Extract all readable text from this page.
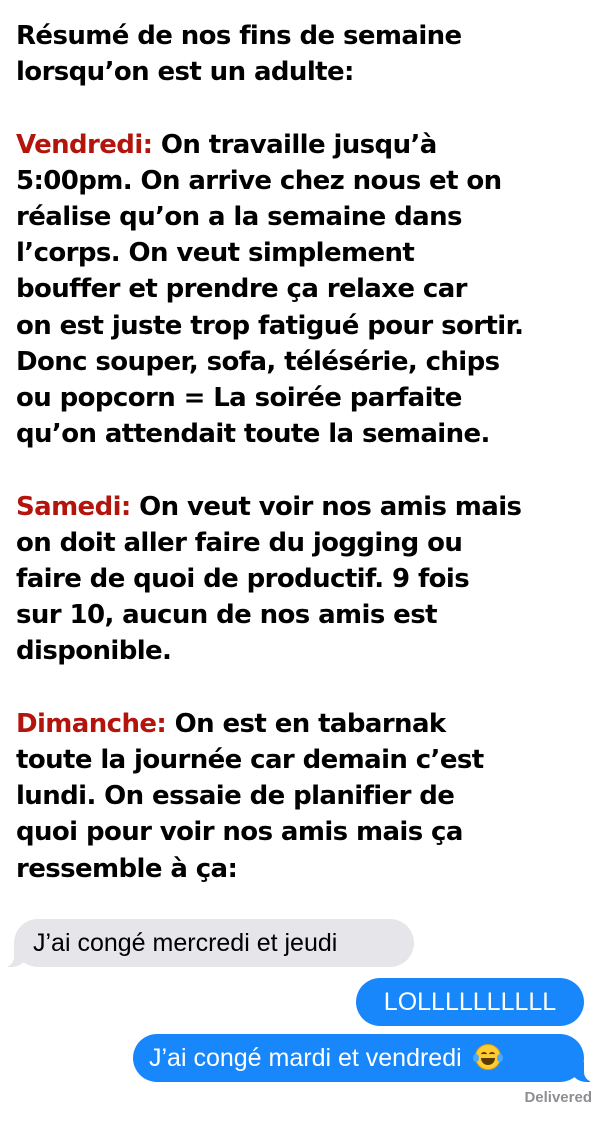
Résumé de nos fins de semaine
lorsqu’on est un adulte:

Vendredi: On travaille jusqu’à
5:00pm. On arrive chez nous et on
réalise qu’on a la semaine dans
l’corps. On veut simplement
bouffer et prendre ça relaxe car
on est juste trop fatigué pour sortir.
Donc souper, sofa, télésérie, chips
ou popcorn = La soirée parfaite
qu’on attendait toute la semaine.

Samedi: On veut voir nos amis mais
on doit aller faire du jogging ou
faire de quoi de productif. 9 fois
sur 10, aucun de nos amis est
disponible.

Dimanche: On est en tabarnak
toute la journée car demain c’est
lundi. On essaie de planifier de
quoi pour voir nos amis mais ça
ressemble à ça:

J’ai congé mercredi et jeudi
LOLLLLLLLLLL
J’ai congé mardi et vendredi
Delivered
